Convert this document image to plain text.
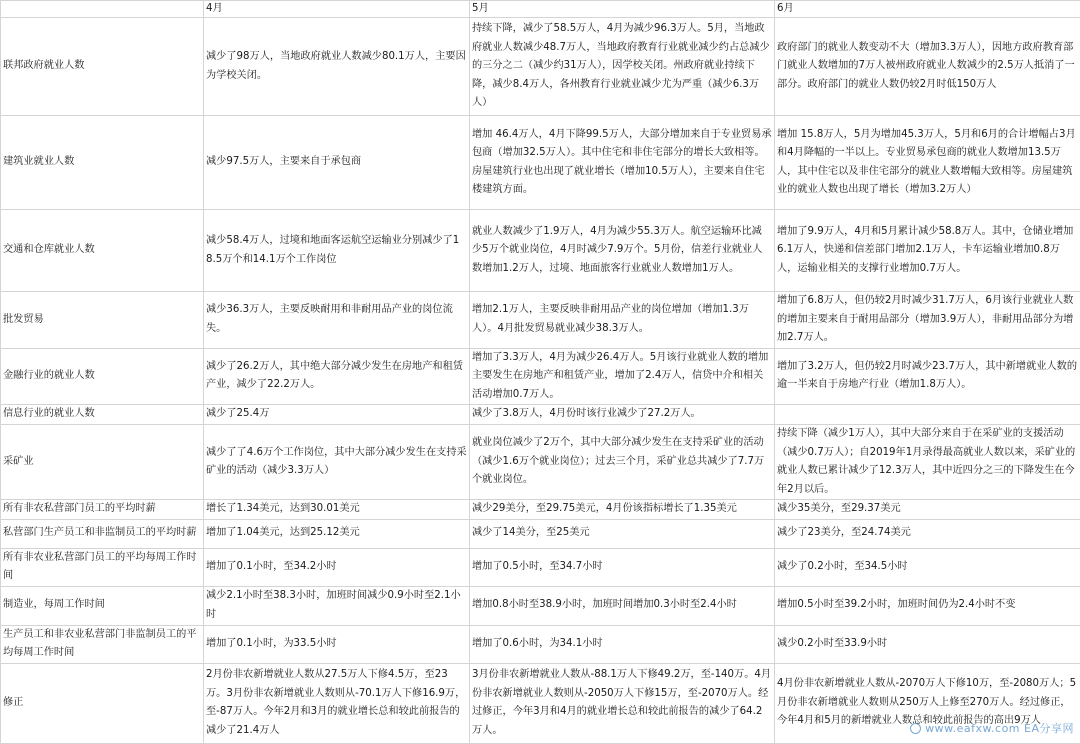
	4月	5月	6月
联邦政府就业人数	减少了98万人，当地政府就业人数减少80.1万人，主要因为学校关闭。	持续下降，减少了58.5万人，4月为减少96.3万人。5月，当地政府就业人数减少48.7万人，当地政府教育行业就业减少约占总减少的三分之二（减少约31万人），因学校关闭。州政府就业持续下降，减少8.4万人，各州教育行业就业减少尤为严重（减少6.3万人）	政府部门的就业人数变动不大（增加3.3万人），因地方政府教育部门就业人数增加的7万人被州政府就业人数减少的2.5万人抵消了一部分。政府部门的就业人数仍较2月时低150万人
建筑业就业人数	减少97.5万人，主要来自于承包商	增加 46.4万人，4月下降99.5万人，大部分增加来自于专业贸易承包商（增加32.5万人）。其中住宅和非住宅部分的增长大致相等。房屋建筑行业也出现了就业增长（增加10.5万人），主要来自住宅楼建筑方面。	增加 15.8万人，5月为增加45.3万人，5月和6月的合计增幅占3月和4月降幅的一半以上。专业贸易承包商的就业人数增加13.5万人，其中住宅以及非住宅部分的就业人数增幅大致相等。房屋建筑业的就业人数也出现了增长（增加3.2万人）
交通和仓库就业人数	减少58.4万人，过境和地面客运航空运输业分别减少了18.5万个和14.1万个工作岗位	就业人数减少了1.9万人，4月为减少55.3万人。航空运输环比减少5万个就业岗位，4月时减少7.9万个。5月份，信差行业就业人数增加1.2万人，过境、地面旅客行业就业人数增加1万人。	增加了9.9万人，4月和5月累计减少58.8万人。其中，仓储业增加6.1万人，快递和信差部门增加2.1万人，卡车运输业增加0.8万人，运输业相关的支撑行业增加0.7万人。
批发贸易	减少36.3万人，主要反映耐用和非耐用品产业的岗位流失。	增加2.1万人，主要反映非耐用品产业的岗位增加（增加1.3万人）。4月批发贸易就业减少38.3万人。	增加了6.8万人，但仍较2月时减少31.7万人，6月该行业就业人数的增加主要来自于耐用品部分（增加3.9万人），非耐用品部分为增加2.7万人。
金融行业的就业人数	减少了26.2万人，其中绝大部分减少发生在房地产和租赁产业，减少了22.2万人。	增加了3.3万人，4月为减少26.4万人。5月该行业就业人数的增加主要发生在房地产和租赁产业，增加了2.4万人，信贷中介和相关活动增加0.7万人。	增加了3.2万人，但仍较2月时减少23.7万人，其中新增就业人数的逾一半来自于房地产行业（增加1.8万人）。
信息行业的就业人数	减少了25.4万	减少了3.8万人，4月份时该行业减少了27.2万人。	
采矿业	减少了了4.6万个工作岗位，其中大部分减少发生在支持采矿业的活动（减少3.3万人）	就业岗位减少了2万个，其中大部分减少发生在支持采矿业的活动（减少1.6万个就业岗位）；过去三个月，采矿业总共减少了7.7万个就业岗位。	持续下降（减少1万人），其中大部分来自于在采矿业的支援活动（减少0.7万人）；自2019年1月录得最高就业人数以来，采矿业的就业人数已累计减少了12.3万人，其中近四分之三的下降发生在今年2月以后。
所有非农私营部门员工的平均时薪	增长了1.34美元，达到30.01美元	减少29美分，至29.75美元，4月份该指标增长了1.35美元	减少35美分，至29.37美元
私营部门生产员工和非监制员工的平均时薪	增加了1.04美元，达到25.12美元	减少了14美分，至25美元	减少了23美分，至24.74美元
所有非农业私营部门员工的平均每周工作时间	增加了0.1小时，至34.2小时	增加了0.5小时，至34.7小时	减少了0.2小时，至34.5小时
制造业，每周工作时间	减少2.1小时至38.3小时，加班时间减少0.9小时至2.1小时	增加0.8小时至38.9小时，加班时间增加0.3小时至2.4小时	增加0.5小时至39.2小时，加班时间仍为2.4小时不变
生产员工和非农业私营部门非监制员工的平均每周工作时间	增加了0.1小时，为33.5小时	增加了0.6小时，为34.1小时	减少0.2小时至33.9小时
修正	2月份非农新增就业人数从27.5万人下修4.5万，至23万。3月份非农新增就业人数则从-70.1万人下修16.9万，至-87万人。今年2月和3月的就业增长总和较此前报告的减少了21.4万人	3月份非农新增就业人数从-88.1万人下修49.2万，至-140万。4月份非农新增就业人数则从-2050万人下修15万，至-2070万人。经过修正，今年3月和4月的就业增长总和较此前报告的减少了64.2万人。	4月份非农新增就业人数从-2070万人下修10万，至-2080万人；5月份非农新增就业人数则从250万人上修至270万人。经过修正，今年4月和5月的新增就业人数总和较此前报告的高出9万人
www.eafxw.com EA分享网
